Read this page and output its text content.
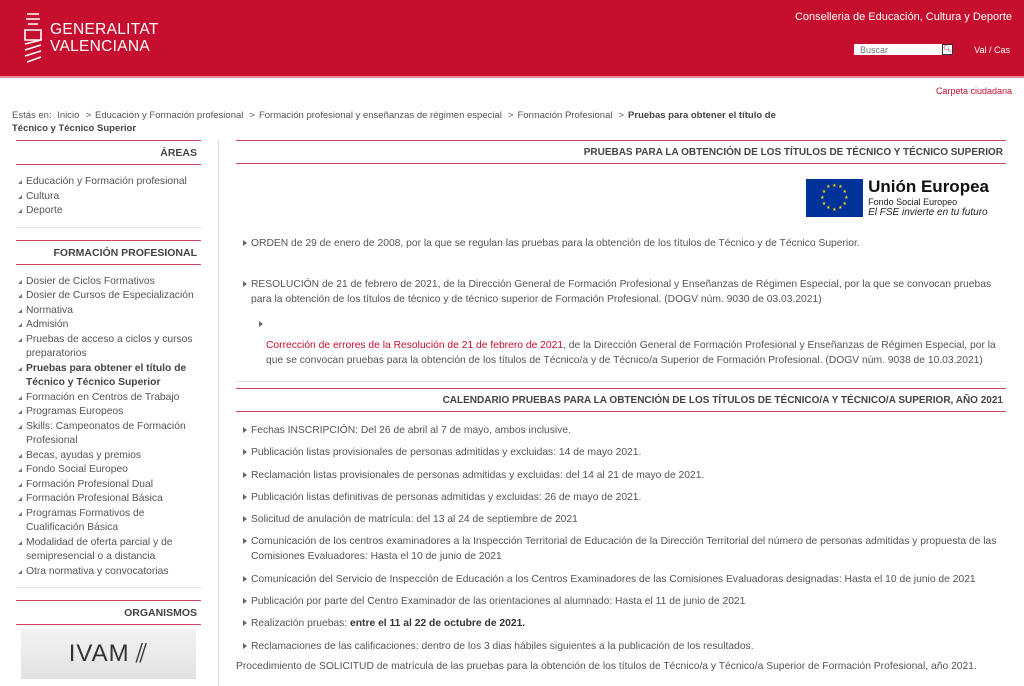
GENERALITAT
VALENCIANA
Conselleria de Educación, Cultura y Deporte
Buscar
🔍︎ Val / Cas
Carpeta ciudadana
Estás en: Inicio > Educación y Formación profesional > Formación profesional y enseñanzas de régimen especial > Formación Profesional > Pruebas para obtener el título de Técnico y Técnico Superior
ÁREAS
Educación y Formación profesional
Cultura
Deporte
FORMACIÓN PROFESIONAL
Dosier de Ciclos Formativos
Dosier de Cursos de Especialización
Normativa
Admisión
Pruebas de acceso a ciclos y cursos preparatorios
Pruebas para obtener el título de Técnico y Técnico Superior
Formación en Centros de Trabajo
Programas Europeos
Skills: Campeonatos de Formación Profesional
Becas, ayudas y premios
Fondo Social Europeo
Formación Profesional Dual
Formación Profesional Básica
Programas Formativos de Cualificación Básica
Modalidad de oferta parcial y de semipresencial o a distancia
Otra normativa y convocatorias
ORGANISMOS
IVAM ⫽
PRUEBAS PARA LA OBTENCIÓN DE LOS TÍTULOS DE TÉCNICO Y TÉCNICO SUPERIOR
★
★
★
★
★
★
★
★
★ ★ ★
★ Unión Europea
Fondo Social Europeo
El FSE invierte en tu futuro
ORDEN de 29 de enero de 2008, por la que se regulan las pruebas para la obtención de los títulos de Técnico y de Técnico Superior.
RESOLUCIÓN de 21 de febrero de 2021, de la Dirección General de Formación Profesional y Enseñanzas de Régimen Especial, por la que se convocan pruebas para la obtención de los títulos de técnico y de técnico superior de Formación Profesional. (DOGV núm. 9030 de 03.03.2021)
Corrección de errores de la Resolución de 21 de febrero de 2021, de la Dirección General de Formación Profesional y Enseñanzas de Régimen Especial, por la que se convocan pruebas para la obtención de los títulos de Técnico/a y de Técnico/a Superior de Formación Profesional. (DOGV núm. 9038 de 10.03.2021)
CALENDARIO PRUEBAS PARA LA OBTENCIÓN DE LOS TÍTULOS DE TÉCNICO/A Y TÉCNICO/A SUPERIOR, AÑO 2021
Fechas INSCRIPCIÓN: Del 26 de abril al 7 de mayo, ambos inclusive.
Publicación listas provisionales de personas admitidas y excluidas: 14 de mayo 2021.
Reclamación listas provisionales de personas admitidas y excluidas: del 14 al 21 de mayo de 2021.
Publicación listas definitivas de personas admitidas y excluidas: 26 de mayo de 2021.
Solicitud de anulación de matrícula: del 13 al 24 de septiembre de 2021
Comunicación de los centros examinadores a la Inspección Territorial de Educación de la Dirección Territorial del número de personas admitidas y propuesta de las Comisiones Evaluadores: Hasta el 10 de junio de 2021
Comunicación del Servicio de Inspección de Educación a los Centros Examinadores de las Comisiones Evaluadoras designadas: Hasta el 10 de junio de 2021
Publicación por parte del Centro Examinador de las orientaciones al alumnado: Hasta el 11 de junio de 2021
Realización pruebas: entre el 11 al 22 de octubre de 2021.
Reclamaciones de las calificaciones: dentro de los 3 dias hábiles siguientes a la publicación de los resultados.
Procedimiento de SOLICITUD de matrícula de las pruebas para la obtención de los títulos de Técnico/a y Técnico/a Superior de Formación Profesional, año 2021.
